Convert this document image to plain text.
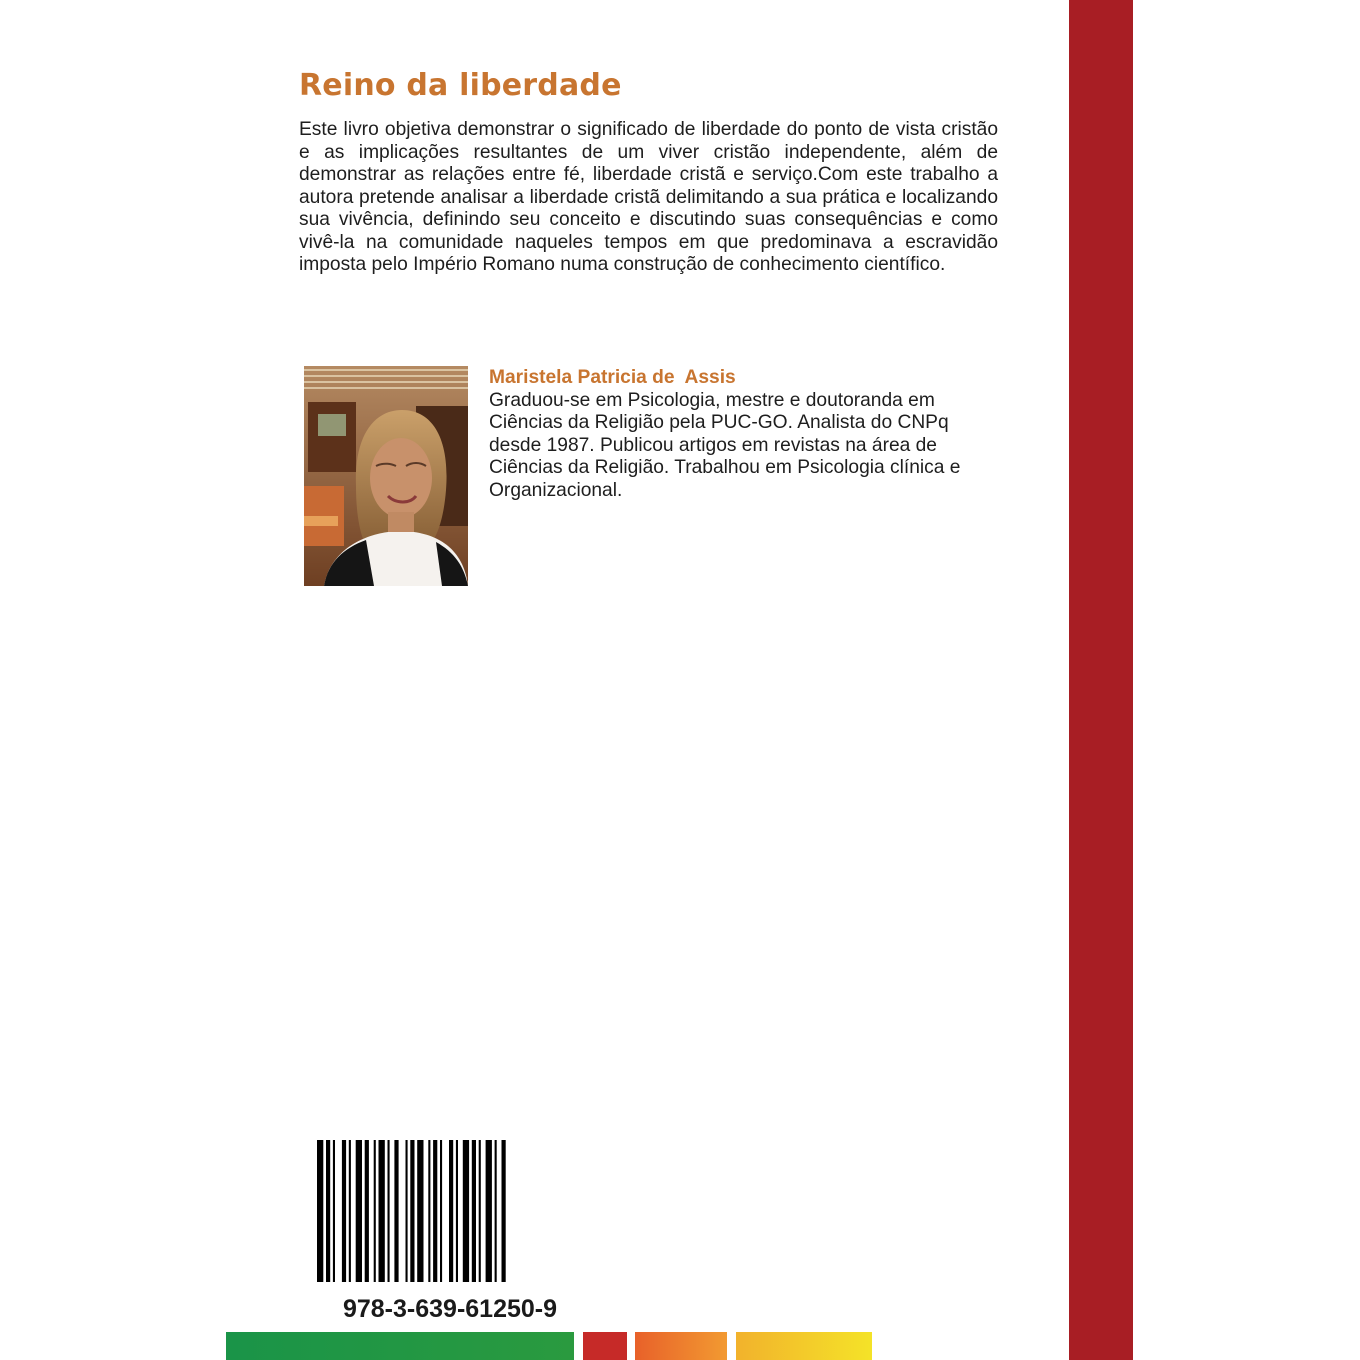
Reino da liberdade

Este livro objetiva demonstrar o significado de liberdade do ponto de vista cristão e as implicações resultantes de um viver cristão independente, além de demonstrar as relações entre fé, liberdade cristã e serviço.Com este trabalho a autora pretende analisar a liberdade cristã delimitando a sua prática e localizando sua vivência, definindo seu conceito e discutindo suas consequências e como vivê-la na comunidade naqueles tempos em que predominava a escravidão imposta pelo Império Romano numa construção de conhecimento científico.

Maristela Patricia de  Assis

Graduou-se em Psicologia, mestre e doutoranda em Ciências da Religião pela PUC-GO. Analista do CNPq desde 1987. Publicou artigos em revistas na área de Ciências da Religião. Trabalhou em Psicologia clínica e Organizacional.

978-3-639-61250-9
